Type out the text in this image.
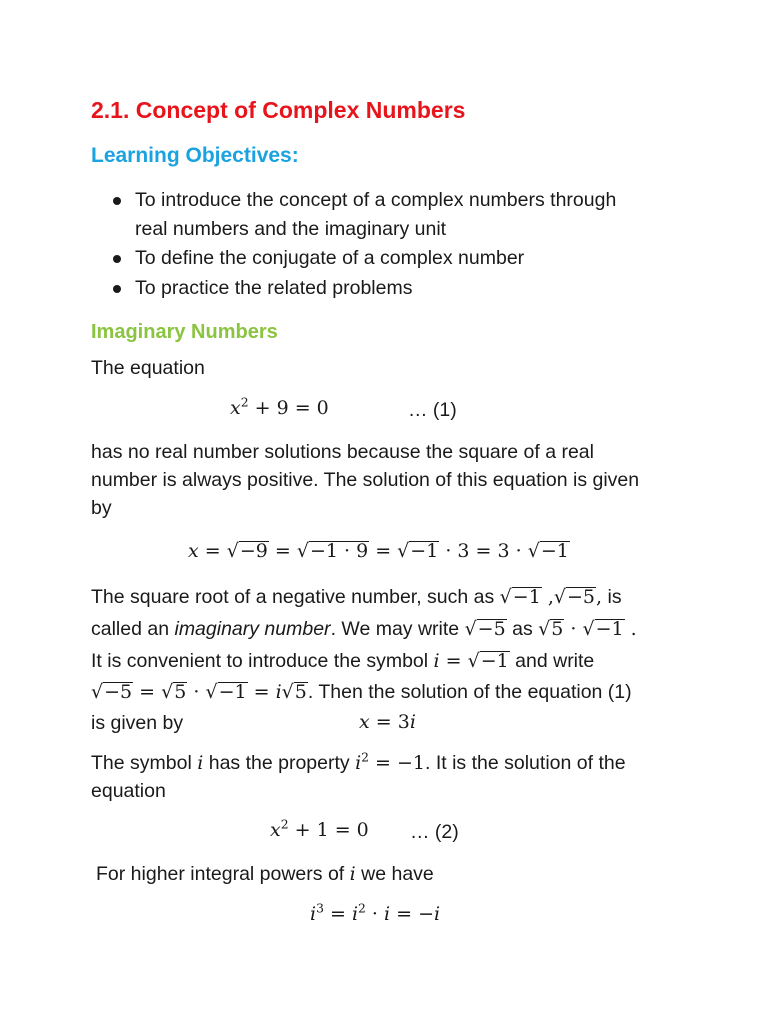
2.1. Concept of Complex Numbers
Learning Objectives:
To introduce the concept of a complex numbers through
real numbers and the imaginary unit
To define the conjugate of a complex number
To practice the related problems
Imaginary Numbers
The equation
$x^2 + 9 = 0$	… (1)
has no real number solutions because the square of a real
number is always positive. The solution of this equation is given
by
x = √−9 = √−1 · 9 = √−1 · 3 = 3 · √−1
The square root of a negative number, such as √−1 ,√−5, is
called an imaginary number. We may write √−5 as √5 · √−1 .
It is convenient to introduce the symbol i = √−1 and write
√−5 = √5 · √−1 = i√5. Then the solution of the equation (1)
is given by	x = 3i
The symbol i has the property $i^2 = -1$. It is the solution of the
equation
$x^2 + 1 = 0$ … (2)
For higher integral powers of i we have
$i^3 = i^2 \cdot i = -i$
